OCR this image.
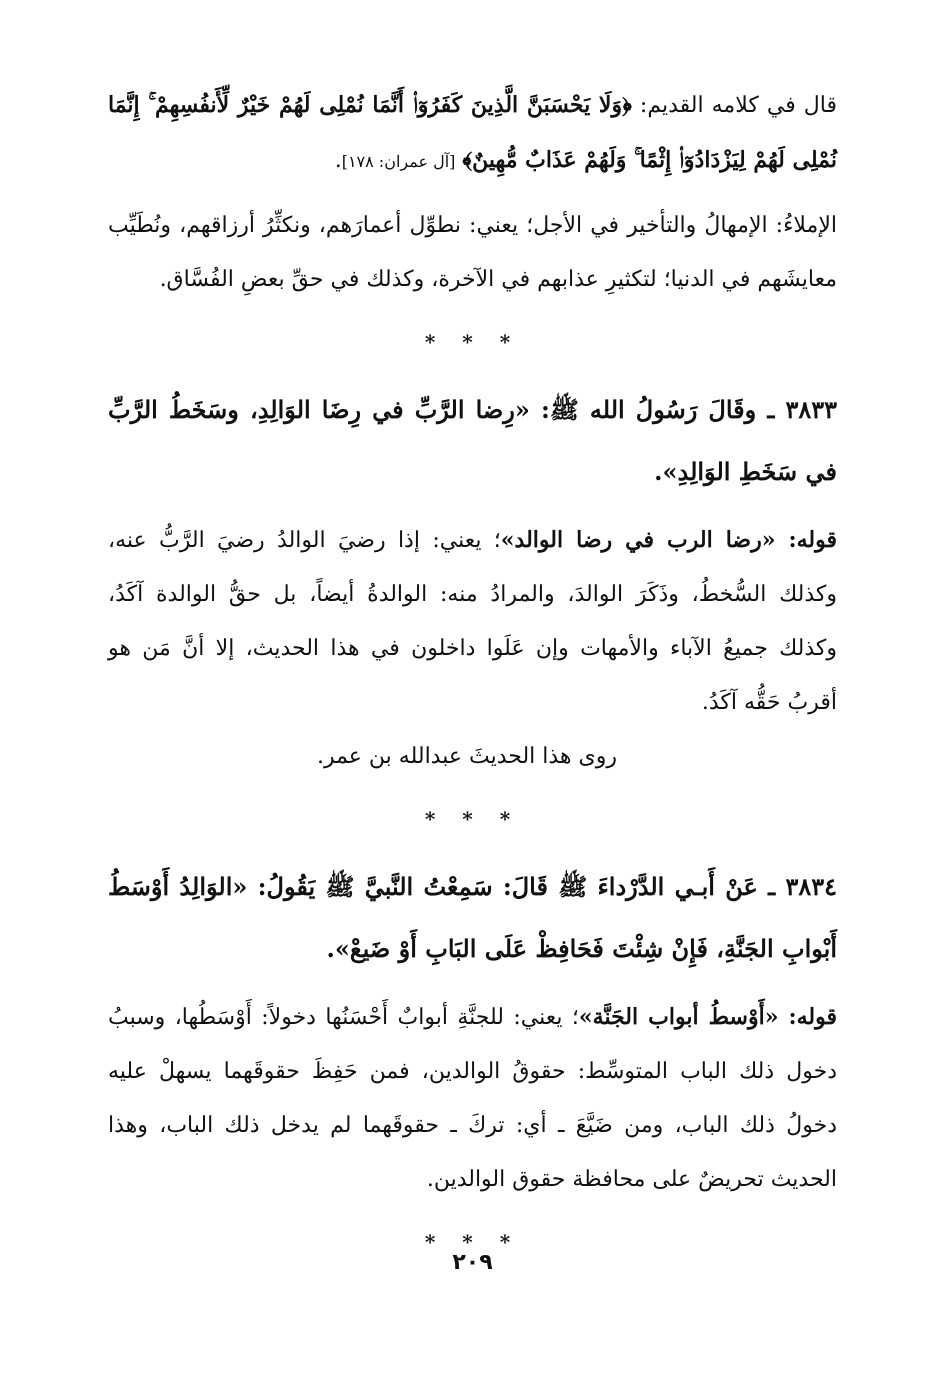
قال في كلامه القديم: ﴿وَلَا يَحْسَبَنَّ الَّذِينَ كَفَرُوٓا۟ أَنَّمَا نُمْلِى لَهُمْ خَيْرٌ لِّأَنفُسِهِمْ ۚ إِنَّمَا نُمْلِى لَهُمْ لِيَزْدَادُوٓا۟ إِثْمًا ۚ وَلَهُمْ عَذَابٌ مُّهِينٌ﴾ [آل عمران: ١٧٨].

الإملاءُ: الإمهالُ والتأخير في الأجل؛ يعني: نطوِّل أعمارَهم، ونكثِّرُ أرزاقهم، ونُطَيِّب معايشَهم في الدنيا؛ لتكثيرِ عذابهم في الآخرة، وكذلك في حقِّ بعضِ الفُسَّاق.

* * *

٣٨٣٣ ـ وقَالَ رَسُولُ الله ﷺ: «رِضا الرَّبِّ في رِضَا الوَالِدِ، وسَخَطُ الرَّبِّ في سَخَطِ الوَالِدِ».

قوله: «رضا الرب في رضا الوالد»؛ يعني: إذا رضيَ الوالدُ رضيَ الرَّبُّ عنه، وكذلك السُّخطُ، وذَكَرَ الوالدَ، والمرادُ منه: الوالدةُ أيضاً، بل حقُّ الوالدة آكَدُ، وكذلك جميعُ الآباء والأمهات وإن عَلَوا داخلون في هذا الحديث، إلا أنَّ مَن هو أقربُ حَقُّه آكَدُ.

روى هذا الحديثَ عبدالله بن عمر.

* * *

٣٨٣٤ ـ عَنْ أَبـي الدَّرْداءَ ﷺ قَالَ: سَمِعْتُ النَّبيَّ ﷺ يَقُولُ: «الوَالِدُ أَوْسَطُ أَبْوابِ الجَنَّةِ، فَإِنْ شِئْتَ فَحَافِظْ عَلَى البَابِ أَوْ ضَيعْ».

قوله: «أَوْسطُ أبواب الجَنَّة»؛ يعني: للجنَّةِ أبوابٌ أَحْسَنُها دخولاً: أَوْسَطُها، وسببُ دخول ذلك الباب المتوسِّط: حقوقُ الوالدين، فمن حَفِظَ حقوقَهما يسهلْ عليه دخولُ ذلك الباب، ومن ضَيَّعَ ـ أي: تركَ ـ حقوقَهما لم يدخل ذلك الباب، وهذا الحديث تحريضٌ على محافظة حقوق الوالدين.

* * *
٢٠٩
